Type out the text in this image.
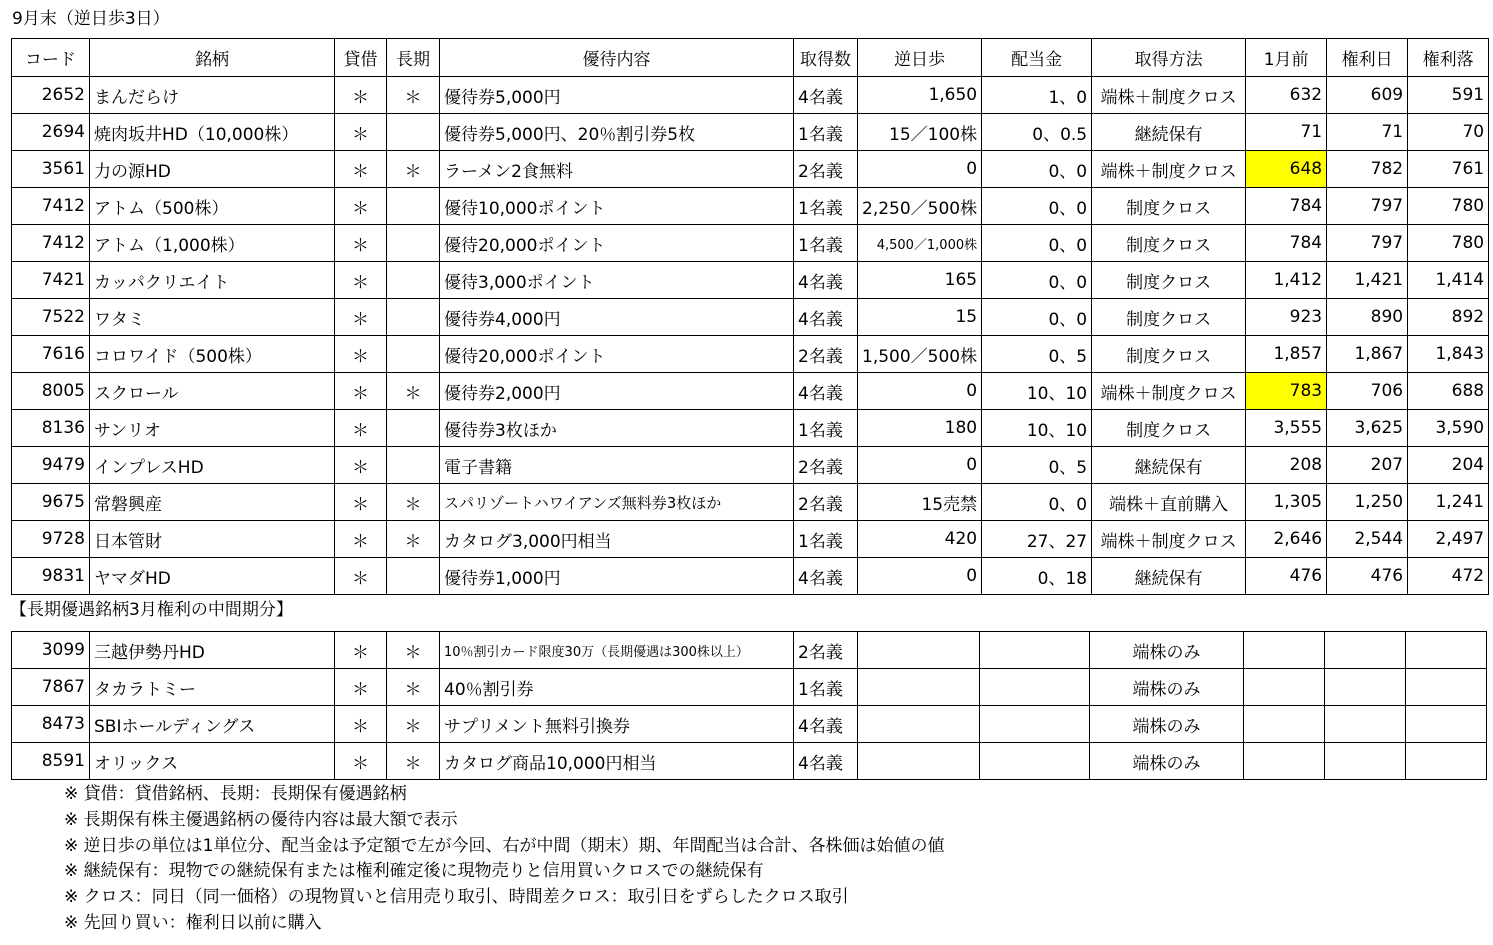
9月末（逆日歩3日）
コード	銘柄	貸借	長期	優待内容	取得数	逆日歩	配当金	取得方法	1月前	権利日	権利落
2652	まんだらけ	＊	＊	優待券5,000円	4名義	1,650	1、0	端株＋制度クロス	632	609	591
2694	焼肉坂井HD（10,000株）	＊		優待券5,000円、20％割引券5枚	1名義	15／100株	0、0.5	継続保有	71	71	70
3561	力の源HD	＊	＊	ラーメン2食無料	2名義	0	0、0	端株＋制度クロス	648	782	761
7412	アトム（500株）	＊		優待10,000ポイント	1名義	2,250／500株	0、0	制度クロス	784	797	780
7412	アトム（1,000株）	＊		優待20,000ポイント	1名義	4,500／1,000株	0、0	制度クロス	784	797	780
7421	カッパクリエイト	＊		優待3,000ポイント	4名義	165	0、0	制度クロス	1,412	1,421	1,414
7522	ワタミ	＊		優待券4,000円	4名義	15	0、0	制度クロス	923	890	892
7616	コロワイド（500株）	＊		優待20,000ポイント	2名義	1,500／500株	0、5	制度クロス	1,857	1,867	1,843
8005	スクロール	＊	＊	優待券2,000円	4名義	0	10、10	端株＋制度クロス	783	706	688
8136	サンリオ	＊		優待券3枚ほか	1名義	180	10、10	制度クロス	3,555	3,625	3,590
9479	インプレスHD	＊		電子書籍	2名義	0	0、5	継続保有	208	207	204
9675	常磐興産	＊	＊	スパリゾートハワイアンズ無料券3枚ほか	2名義	15売禁	0、0	端株＋直前購入	1,305	1,250	1,241
9728	日本管財	＊	＊	カタログ3,000円相当	1名義	420	27、27	端株＋制度クロス	2,646	2,544	2,497
9831	ヤマダHD	＊		優待券1,000円	4名義	0	0、18	継続保有	476	476	472
【長期優遇銘柄3月権利の中間期分】
3099	三越伊勢丹HD	＊	＊	10％割引カード限度30万（長期優遇は300株以上）	2名義			端株のみ			
7867	タカラトミー	＊	＊	40％割引券	1名義			端株のみ			
8473	SBIホールディングス	＊	＊	サプリメント無料引換券	4名義			端株のみ			
8591	オリックス	＊	＊	カタログ商品10,000円相当	4名義			端株のみ			
※ 貸借：貸借銘柄、長期：長期保有優遇銘柄
※ 長期保有株主優遇銘柄の優待内容は最大額で表示
※ 逆日歩の単位は1単位分、配当金は予定額で左が今回、右が中間（期末）期、年間配当は合計、各株価は始値の値
※ 継続保有：現物での継続保有または権利確定後に現物売りと信用買いクロスでの継続保有
※ クロス：同日（同一価格）の現物買いと信用売り取引、時間差クロス：取引日をずらしたクロス取引
※ 先回り買い：権利日以前に購入
